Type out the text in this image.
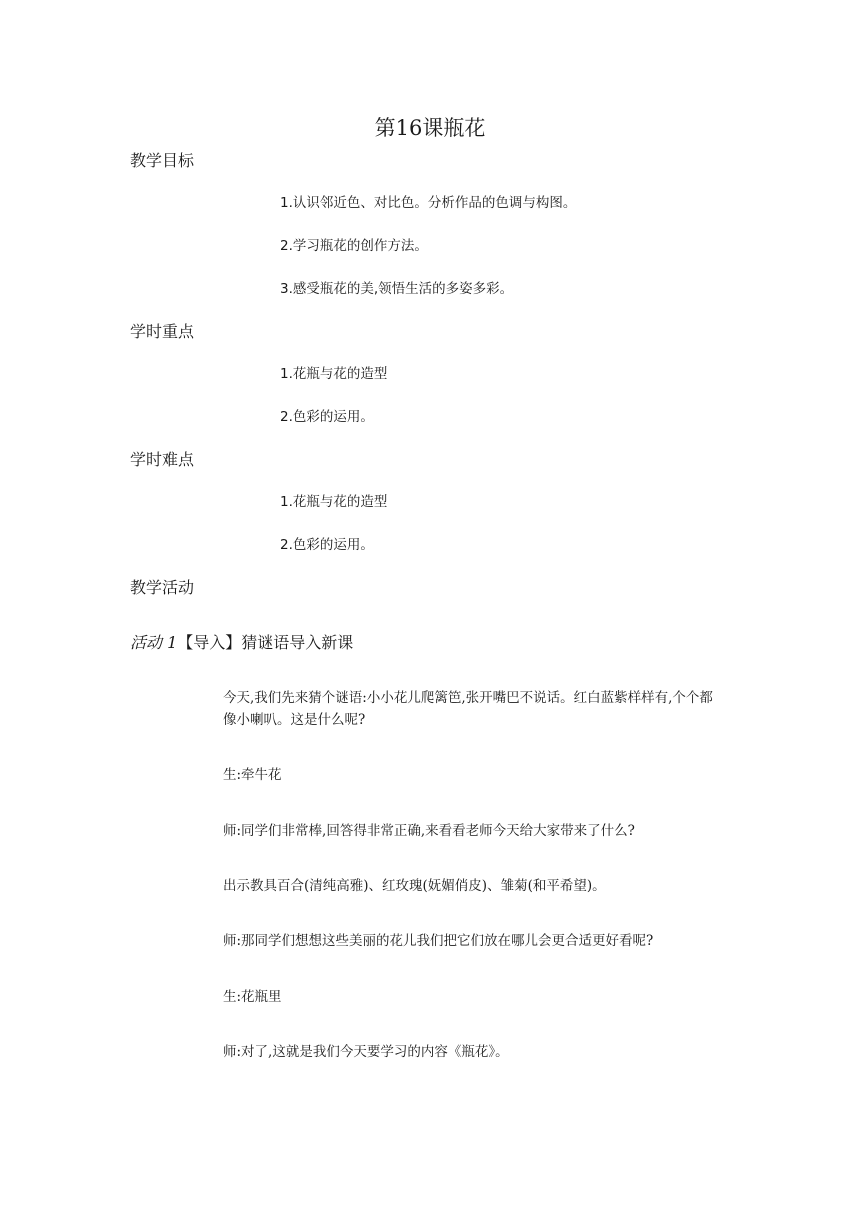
第16课瓶花
教学目标
1.认识邻近色、对比色。分析作品的色调与构图。
2.学习瓶花的创作方法。
3.感受瓶花的美,领悟生活的多姿多彩。
学时重点
1.花瓶与花的造型
2.色彩的运用。
学时难点
1.花瓶与花的造型
2.色彩的运用。
教学活动
活动 1【导入】猜谜语导入新课
今天,我们先来猜个谜语:小小花儿爬篱笆,张开嘴巴不说话。红白蓝紫样样有,个个都像小喇叭。这是什么呢?
生:牵牛花
师:同学们非常棒,回答得非常正确,来看看老师今天给大家带来了什么?
出示教具百合(清纯高雅)、红玫瑰(妩媚俏皮)、雏菊(和平希望)。
师:那同学们想想这些美丽的花儿我们把它们放在哪儿会更合适更好看呢?
生:花瓶里
师:对了,这就是我们今天要学习的内容《瓶花》。
